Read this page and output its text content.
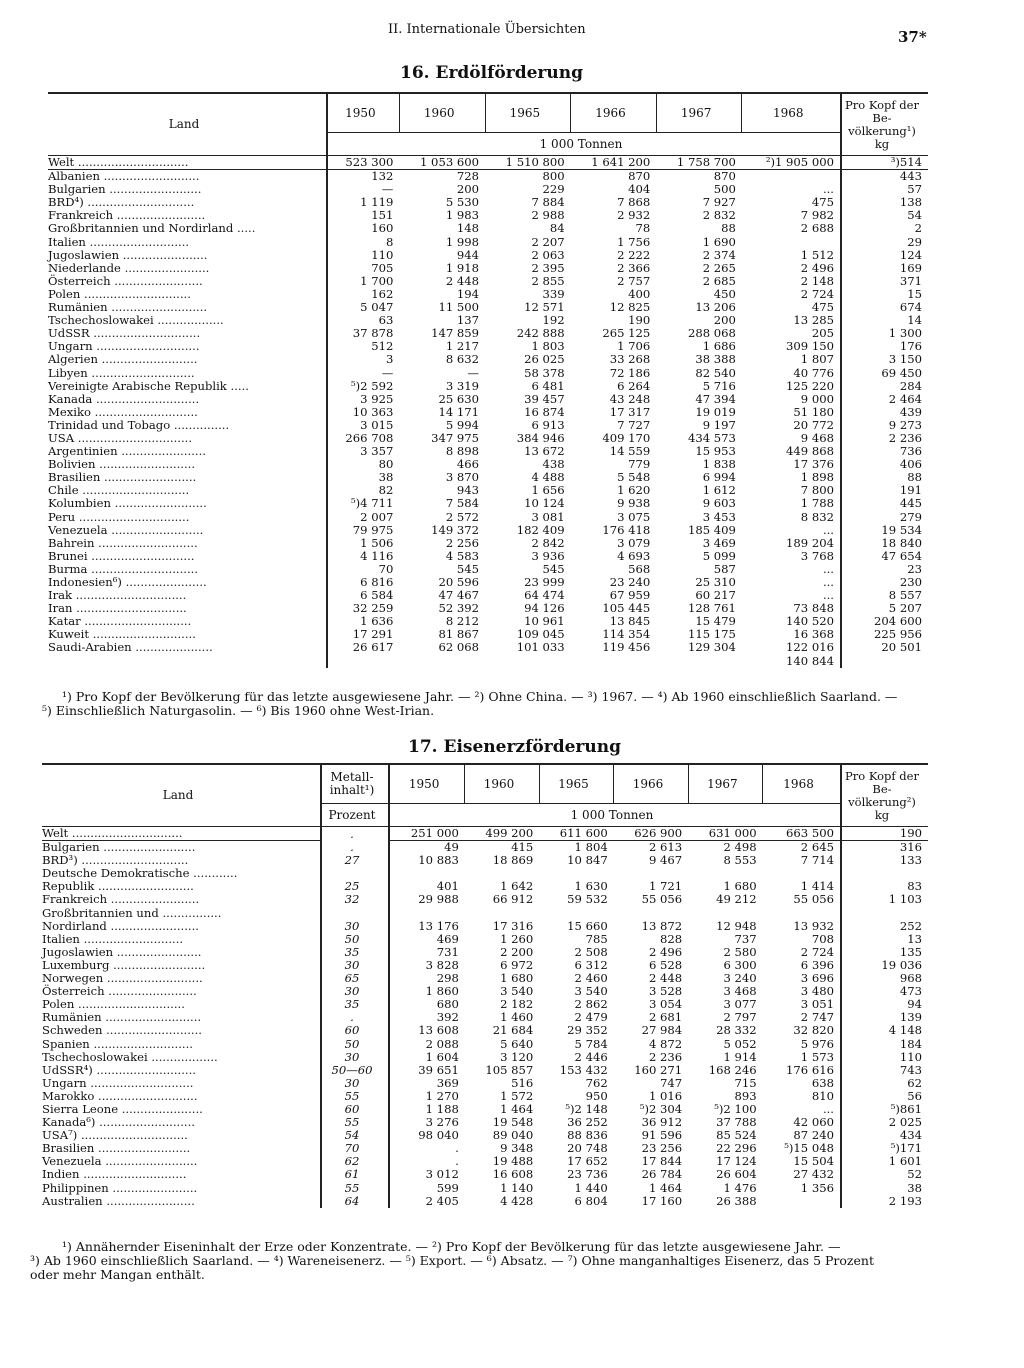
II. Internationale Übersichten	37*
16. Erdölförderung
Land	1950	1960	1965	1966	1967	1968	Pro Kopf der Be- völkerung¹) kg
	1 000 Tonnen						
Welt ..............................	523 300	1 053 600	1 510 800	1 641 200	1 758 700	²)1 905 000	³)514
Albanien ..........................	132	728	800	870	870		443
Bulgarien .........................	—	200	229	404	500	...	57
BRD⁴) .............................	1 119	5 530	7 884	7 868	7 927	475	138
Frankreich ........................	151	1 983	2 988	2 932	2 832	7 982	54
Großbritannien und Nordirland .....	160	148	84	78	88	2 688	2
Italien ...........................	8	1 998	2 207	1 756	1 690		29
Jugoslawien .......................	110	944	2 063	2 222	2 374	1 512	124
Niederlande .......................	705	1 918	2 395	2 366	2 265	2 496	169
Österreich ........................	1 700	2 448	2 855	2 757	2 685	2 148	371
Polen .............................	162	194	339	400	450	2 724	15
Rumänien ..........................	5 047	11 500	12 571	12 825	13 206	475	674
Tschechoslowakei ..................	63	137	192	190	200	13 285	14
UdSSR .............................	37 878	147 859	242 888	265 125	288 068	205	1 300
Ungarn ............................	512	1 217	1 803	1 706	1 686	309 150	176
Algerien ..........................	3	8 632	26 025	33 268	38 388	1 807	3 150
Libyen ............................	—	—	58 378	72 186	82 540	40 776	69 450
Vereinigte Arabische Republik .....	⁵)2 592	3 319	6 481	6 264	5 716	125 220	284
Kanada ............................	3 925	25 630	39 457	43 248	47 394	9 000	2 464
Mexiko ............................	10 363	14 171	16 874	17 317	19 019	51 180	439
Trinidad und Tobago ...............	3 015	5 994	6 913	7 727	9 197	20 772	9 273
USA ...............................	266 708	347 975	384 946	409 170	434 573	9 468	2 236
Argentinien .......................	3 357	8 898	13 672	14 559	15 953	449 868	736
Bolivien ..........................	80	466	438	779	1 838	17 376	406
Brasilien .........................	38	3 870	4 488	5 548	6 994	1 898	88
Chile .............................	82	943	1 656	1 620	1 612	7 800	191
Kolumbien .........................	⁵)4 711	7 584	10 124	9 938	9 603	1 788	445
Peru ..............................	2 007	2 572	3 081	3 075	3 453	8 832	279
Venezuela .........................	79 975	149 372	182 409	176 418	185 409	...	19 534
Bahrein ...........................	1 506	2 256	2 842	3 079	3 469	189 204	18 840
Brunei ............................	4 116	4 583	3 936	4 693	5 099	3 768	47 654
Burma .............................	70	545	545	568	587	...	23
Indonesien⁶) ......................	6 816	20 596	23 999	23 240	25 310	...	230
Irak ..............................	6 584	47 467	64 474	67 959	60 217	...	8 557
Iran ..............................	32 259	52 392	94 126	105 445	128 761	73 848	5 207
Katar .............................	1 636	8 212	10 961	13 845	15 479	140 520	204 600
Kuweit ............................	17 291	81 867	109 045	114 354	115 175	16 368	225 956
Saudi-Arabien .....................	26 617	62 068	101 033	119 456	129 304	122 016	20 501
						140 844	
¹) Pro Kopf der Bevölkerung für das letzte ausgewiesene Jahr. — ²) Ohne China. — ³) 1967. — ⁴) Ab 1960 einschließlich Saarland. —
⁵) Einschließlich Naturgasolin. — ⁶) Bis 1960 ohne West-Irian.
17. Eisenerzförderung
Land	Metall- inhalt¹)	1950	1960	1965	1966	1967	1968	Pro Kopf der Be- völkerung²) kg
	Prozent	1 000 Tonnen						
Welt ..............................	.	251 000	499 200	611 600	626 900	631 000	663 500	190
Bulgarien .........................	.	49	415	1 804	2 613	2 498	2 645	316
BRD³) .............................	27	10 883	18 869	10 847	9 467	8 553	7 714	133
Deutsche Demokratische ............								
Republik ..........................	25	401	1 642	1 630	1 721	1 680	1 414	83
Frankreich ........................	32	29 988	66 912	59 532	55 056	49 212	55 056	1 103
Großbritannien und ................								
Nordirland ........................	30	13 176	17 316	15 660	13 872	12 948	13 932	252
Italien ...........................	50	469	1 260	785	828	737	708	13
Jugoslawien .......................	35	731	2 200	2 508	2 496	2 580	2 724	135
Luxemburg .........................	30	3 828	6 972	6 312	6 528	6 300	6 396	19 036
Norwegen ..........................	65	298	1 680	2 460	2 448	3 240	3 696	968
Österreich ........................	30	1 860	3 540	3 540	3 528	3 468	3 480	473
Polen .............................	35	680	2 182	2 862	3 054	3 077	3 051	94
Rumänien ..........................	.	392	1 460	2 479	2 681	2 797	2 747	139
Schweden ..........................	60	13 608	21 684	29 352	27 984	28 332	32 820	4 148
Spanien ...........................	50	2 088	5 640	5 784	4 872	5 052	5 976	184
Tschechoslowakei ..................	30	1 604	3 120	2 446	2 236	1 914	1 573	110
UdSSR⁴) ...........................	50—60	39 651	105 857	153 432	160 271	168 246	176 616	743
Ungarn ............................	30	369	516	762	747	715	638	62
Marokko ...........................	55	1 270	1 572	950	1 016	893	810	56
Sierra Leone ......................	60	1 188	1 464	⁵)2 148	⁵)2 304	⁵)2 100	...	⁵)861
Kanada⁶) ..........................	55	3 276	19 548	36 252	36 912	37 788	42 060	2 025
USA⁷) .............................	54	98 040	89 040	88 836	91 596	85 524	87 240	434
Brasilien .........................	70	.	9 348	20 748	23 256	22 296	⁵)15 048	⁵)171
Venezuela .........................	62	.	19 488	17 652	17 844	17 124	15 504	1 601
Indien ............................	61	3 012	16 608	23 736	26 784	26 604	27 432	52
Philippinen .......................	55	599	1 140	1 440	1 464	1 476	1 356	38
Australien ........................	64	2 405	4 428	6 804	17 160	26 388		2 193
¹) Annähernder Eiseninhalt der Erze oder Konzentrate. — ²) Pro Kopf der Bevölkerung für das letzte ausgewiesene Jahr. —
³) Ab 1960 einschließlich Saarland. — ⁴) Wareneisenerz. — ⁵) Export. — ⁶) Absatz. — ⁷) Ohne manganhaltiges Eisenerz, das 5 Prozent
oder mehr Mangan enthält.
